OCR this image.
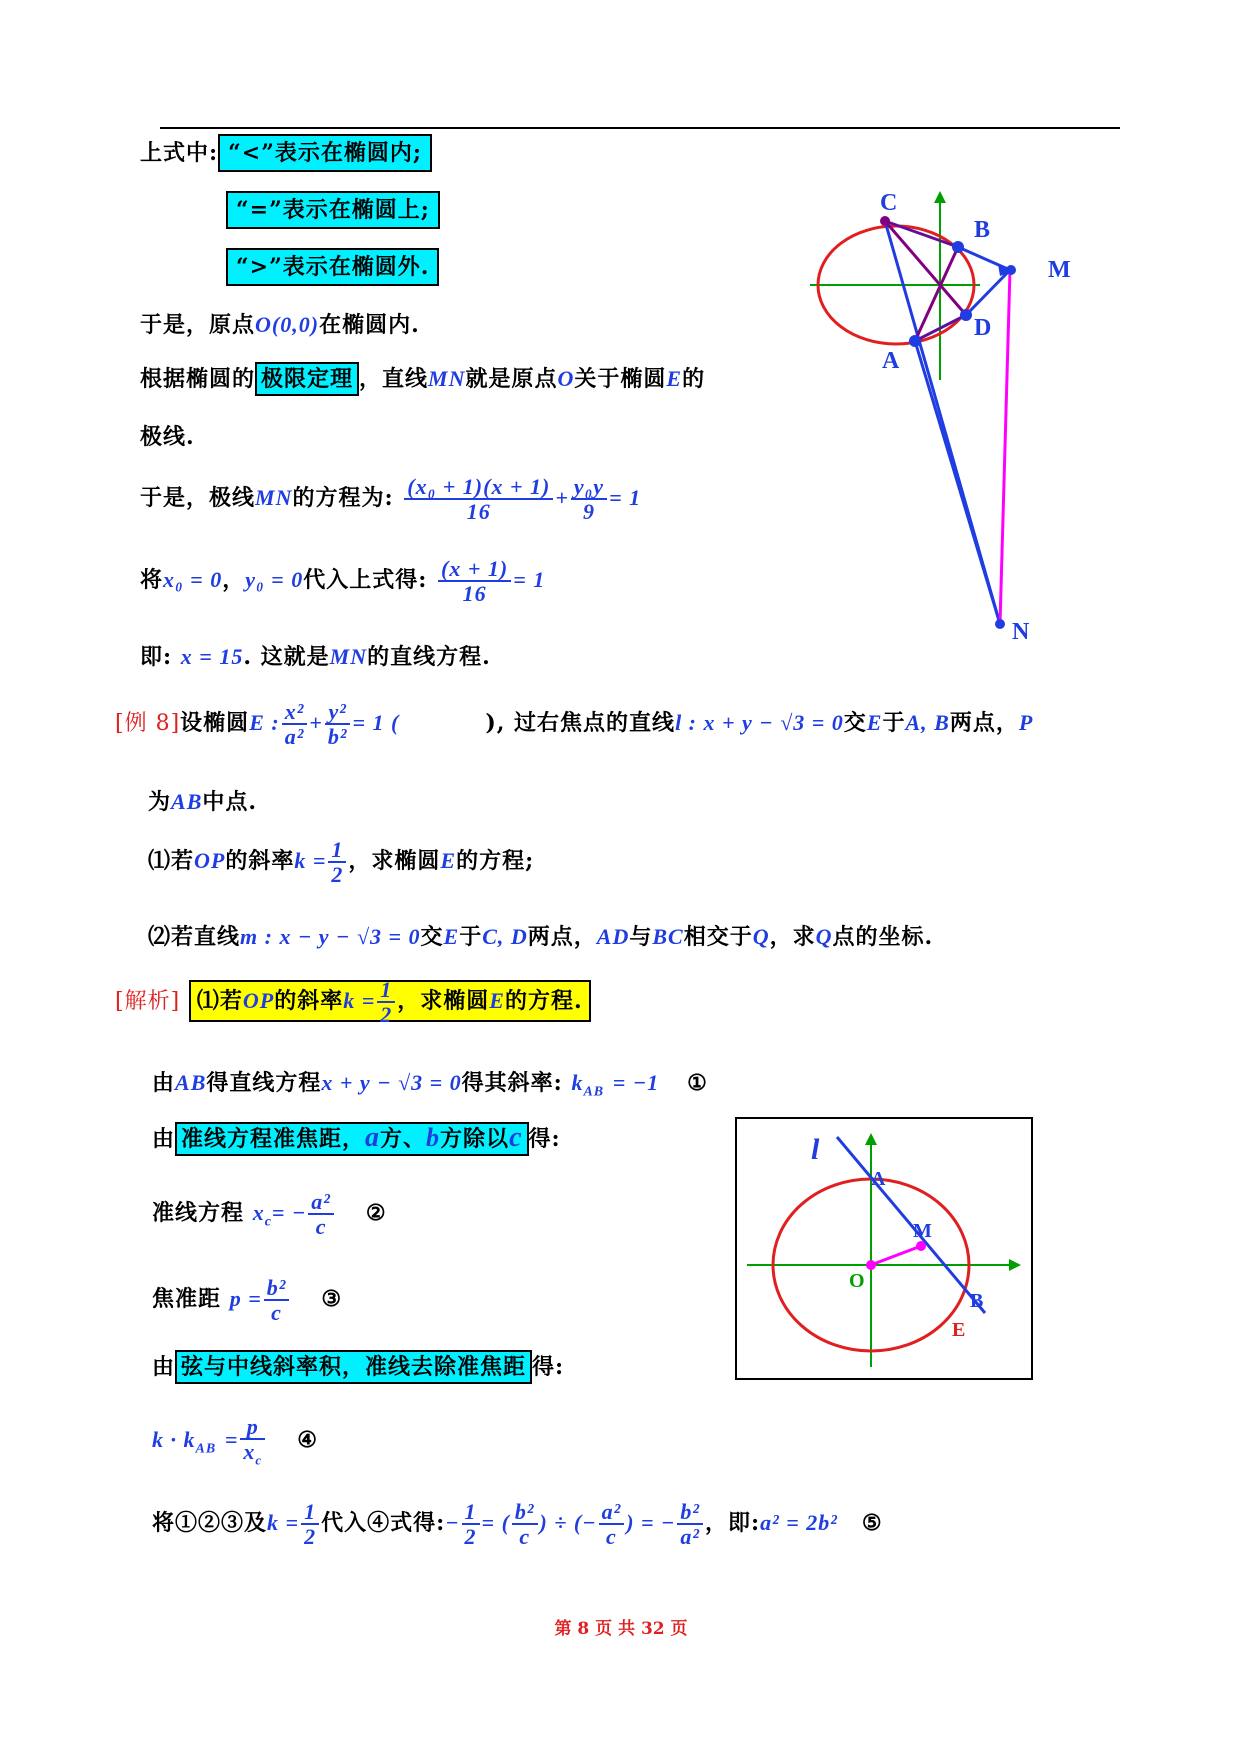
上式中: “<”表示在椭圆内;
“=”表示在椭圆上;
“>”表示在椭圆外.
于是，原点O(0,0)在椭圆内.
根据椭圆的 极限定理 ，直线MN就是原点O关于椭圆E的
极线.
于是，极线MN的方程为: $\frac{\text{(x₀ + 1)(x + 1)}}{16} + \frac{\text{y₀y}}{9} = 1$
将x₀ = 0，y₀ = 0代入上式得: $\frac{(x + 1)}{16} = 1$
即: x = 15. 这就是MN的直线方程.
[例 8]设椭圆E : $\frac{\text{x²}}{\text{a²}} + \frac{\text{y²}}{\text{b²}} = 1$ (	), 过右焦点的直线l : x + y − √3 = 0交E于A, B两点，P
为AB中点.
⑴若OP的斜率$k = \frac{1}{2}$ ，求椭圆E的方程;
⑵若直线m : x − y − √3 = 0交E于C, D两点，AD与BC相交于Q，求Q点的坐标.
[解析] ⑴若OP的斜率$k = \frac{1}{2}$ ，求椭圆E的方程.
由AB得直线方程x + y − √3 = 0得其斜率: $k_{AB} = -1$ ①
由 准线方程准焦距，a方、b方除以c 得:
准线方程 $x_c= - \frac{\text{a²}}{c}$ ②
焦准距 $p = \frac{\text{b²}}{c}$ ③
由 弦与中线斜率积，准线去除准焦距 得:
$k \cdot k_{AB} = \frac{p}{x_c}$ ④
将①②③及$k = \frac{1}{2}$ 代入④式得:− $\frac{1}{2}$ = ( $\frac{\text{b²}}{c}$ ) ÷ (− $\frac{\text{a²}}{c}$ ) = − $\frac{\text{b²}}{\text{a²}}$ ，即:a² = 2b² ⑤
C
B
M
D
A
N
l
A
M
O
B
E
第 8 页 共 32 页
